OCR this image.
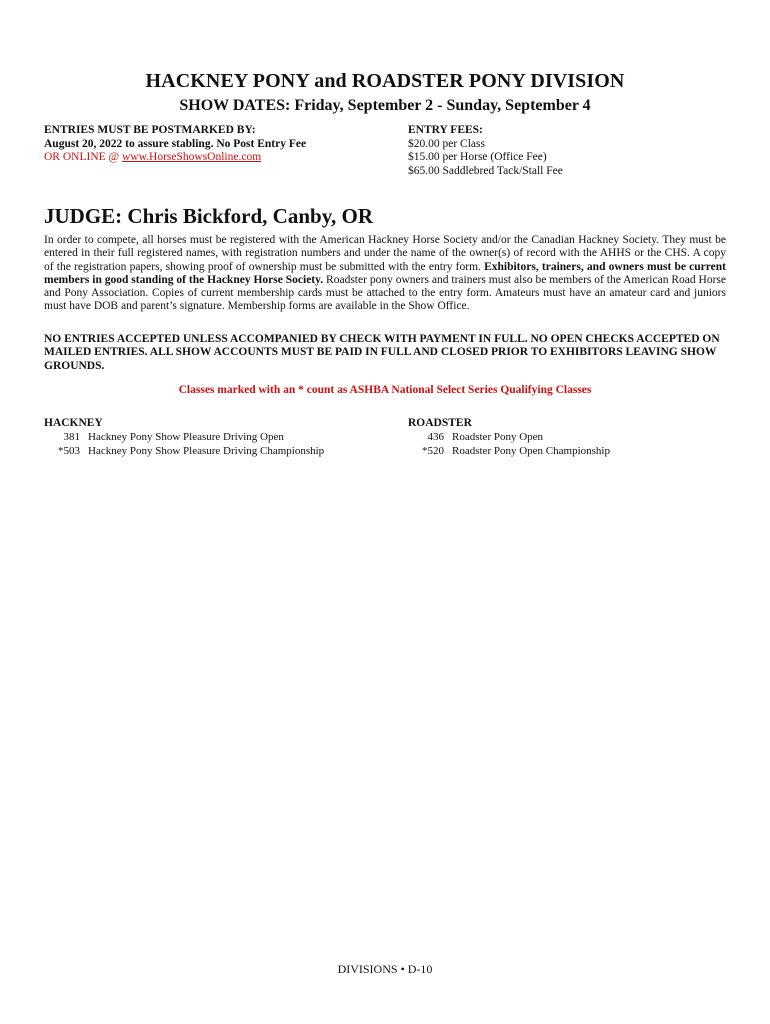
HACKNEY PONY and ROADSTER PONY DIVISION
SHOW DATES: Friday, September 2 - Sunday, September 4
ENTRIES MUST BE POSTMARKED BY:
August 20, 2022 to assure stabling. No Post Entry Fee
OR ONLINE @ www.HorseShowsOnline.com
ENTRY FEES:
$20.00 per Class
$15.00 per Horse (Office Fee)
$65.00 Saddlebred Tack/Stall Fee
JUDGE: Chris Bickford, Canby, OR
In order to compete, all horses must be registered with the American Hackney Horse Society and/or the Canadian Hackney Society. They must be entered in their full registered names, with registration numbers and under the name of the owner(s) of record with the AHHS or the CHS. A copy of the registration papers, showing proof of ownership must be submitted with the entry form. Exhibitors, trainers, and owners must be current members in good standing of the Hackney Horse Society. Roadster pony owners and trainers must also be members of the American Road Horse and Pony Association. Copies of current membership cards must be attached to the entry form. Amateurs must have an amateur card and juniors must have DOB and parent’s signature. Membership forms are available in the Show Office.
NO ENTRIES ACCEPTED UNLESS ACCOMPANIED BY CHECK WITH PAYMENT IN FULL. NO OPEN CHECKS ACCEPTED ON MAILED ENTRIES. ALL SHOW ACCOUNTS MUST BE PAID IN FULL AND CLOSED PRIOR TO EXHIBITORS LEAVING SHOW GROUNDS.
Classes marked with an * count as ASHBA National Select Series Qualifying Classes
HACKNEY
381 Hackney Pony Show Pleasure Driving Open
*503 Hackney Pony Show Pleasure Driving Championship
ROADSTER
436 Roadster Pony Open
*520 Roadster Pony Open Championship
DIVISIONS • D-10
